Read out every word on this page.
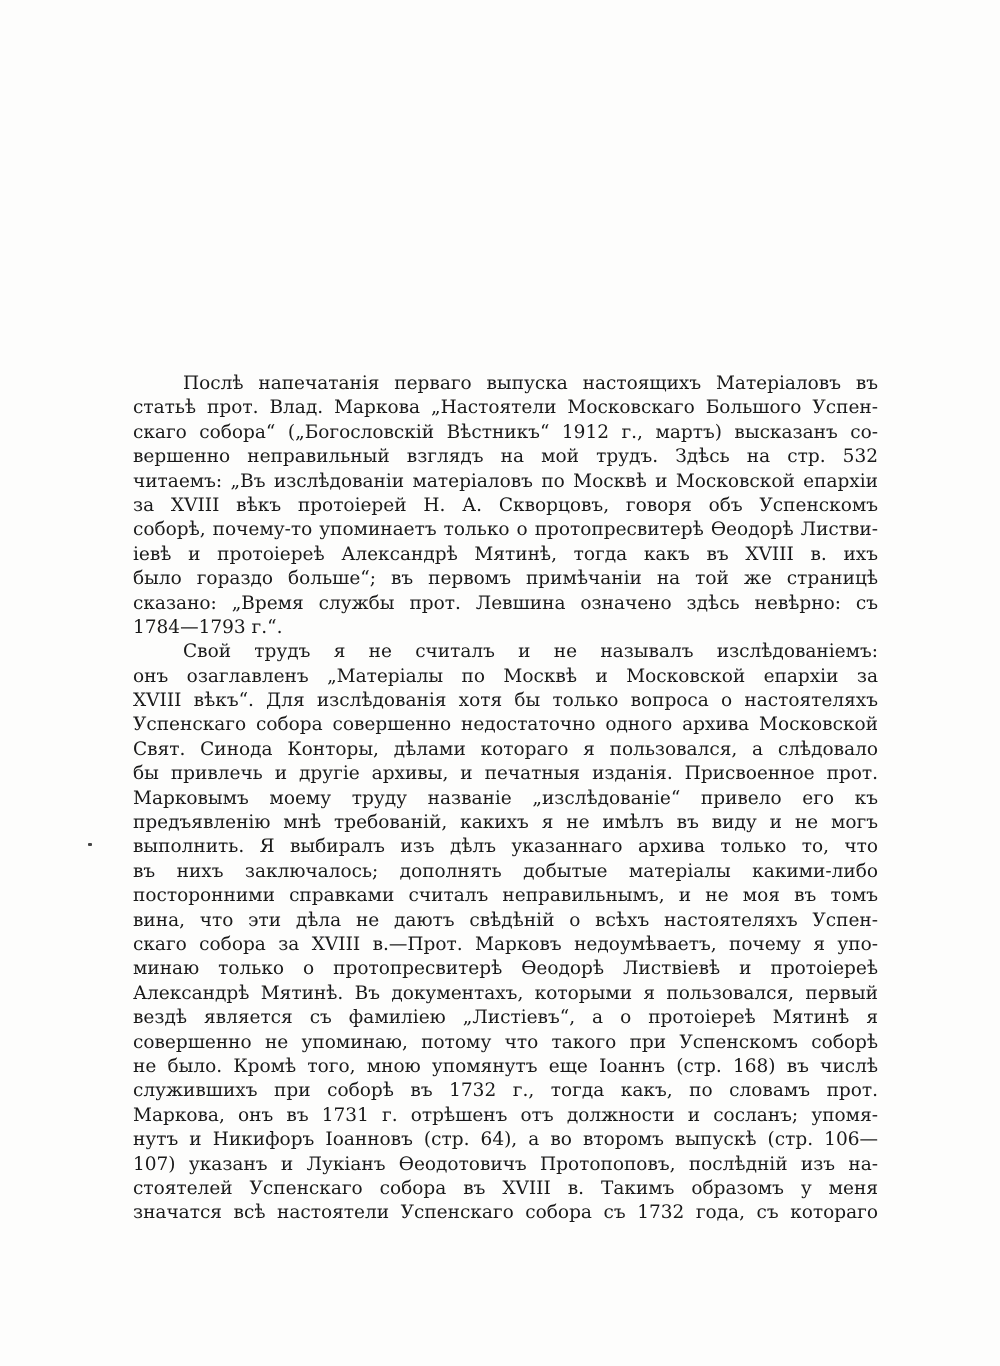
Послѣ напечатанія перваго выпуска настоящихъ Матеріаловъ въ
статьѣ прот. Влад. Маркова „Настоятели Московскаго Большого Успен-
скаго собора“ („Богословскій Вѣстникъ“ 1912 г., мартъ) высказанъ со-
вершенно неправильный взглядъ на мой трудъ. Здѣсь на стр. 532
читаемъ: „Въ изслѣдованіи матеріаловъ по Москвѣ и Московской епархіи
за XVIII вѣкъ протоіерей Н. А. Скворцовъ, говоря объ Успенскомъ
соборѣ, почему-то упоминаетъ только о протопресвитерѣ Ѳеодорѣ Листви-
іевѣ и протоіереѣ Александрѣ Мятинѣ, тогда какъ въ XVIII в. ихъ
было гораздо больше“; въ первомъ примѣчаніи на той же страницѣ
сказано: „Время службы прот. Левшина означено здѣсь невѣрно: съ
1784—1793 г.“.
Свой трудъ я не считалъ и не называлъ изслѣдованіемъ:
онъ озаглавленъ „Матеріалы по Москвѣ и Московской епархіи за
XVIII вѣкъ“. Для изслѣдованія хотя бы только вопроса о настоятеляхъ
Успенскаго собора совершенно недостаточно одного архива Московской
Свят. Синода Конторы, дѣлами котораго я пользовался, а слѣдовало
бы привлечь и другіе архивы, и печатныя изданія. Присвоенное прот.
Марковымъ моему труду названіе „изслѣдованіе“ привело его къ
предъявленію мнѣ требованій, какихъ я не имѣлъ въ виду и не могъ
выполнить. Я выбиралъ изъ дѣлъ указаннаго архива только то, что
въ нихъ заключалось; дополнять добытые матеріалы какими-либо
посторонними справками считалъ неправильнымъ, и не моя въ томъ
вина, что эти дѣла не даютъ свѣдѣній о всѣхъ настоятеляхъ Успен-
скаго собора за XVIII в.—Прот. Марковъ недоумѣваетъ, почему я упо-
минаю только о протопресвитерѣ Ѳеодорѣ Листвіевѣ и протоіереѣ
Александрѣ Мятинѣ. Въ документахъ, которыми я пользовался, первый
вездѣ является съ фамиліею „Листіевъ“, а о протоіереѣ Мятинѣ я
совершенно не упоминаю, потому что такого при Успенскомъ соборѣ
не было. Кромѣ того, мною упомянутъ еще Іоаннъ (стр. 168) въ числѣ
служившихъ при соборѣ въ 1732 г., тогда какъ, по словамъ прот.
Маркова, онъ въ 1731 г. отрѣшенъ отъ должности и сосланъ; упомя-
нутъ и Никифоръ Іоанновъ (стр. 64), а во второмъ выпускѣ (стр. 106—
107) указанъ и Лукіанъ Ѳеодотовичъ Протопоповъ, послѣдній изъ на-
стоятелей Успенскаго собора въ XVIII в. Такимъ образомъ у меня
значатся всѣ настоятели Успенскаго собора съ 1732 года, съ котораго
